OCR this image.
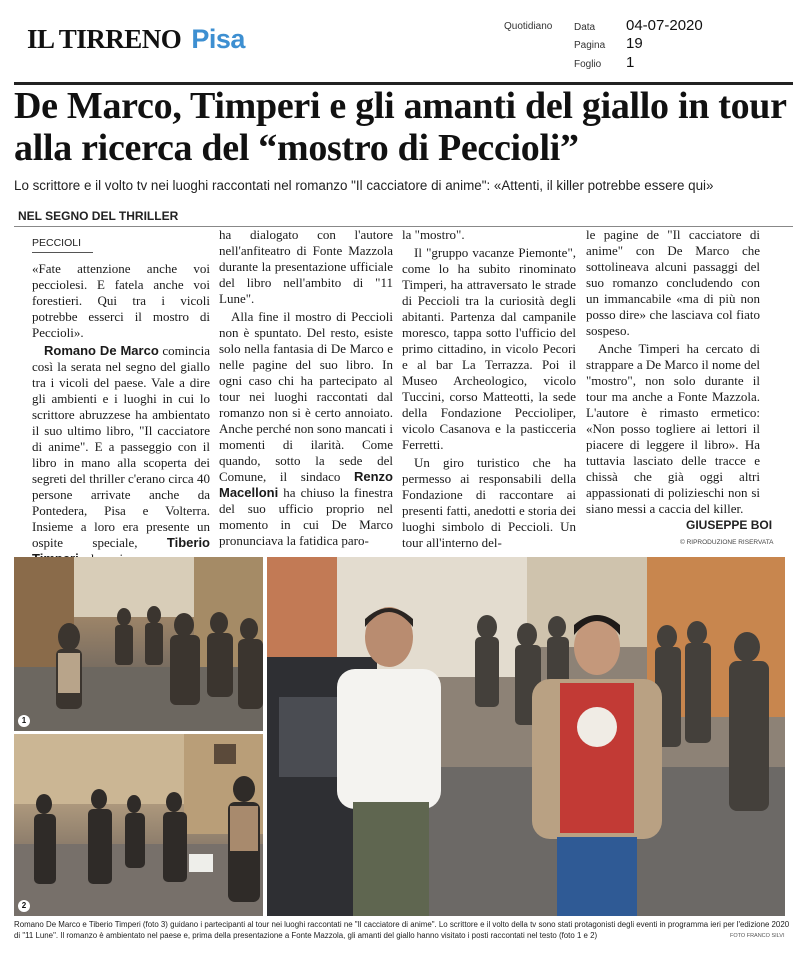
IL TIRRENO Pisa	Quotidiano Data 04-07-2020
Pagina 19
Foglio 1
De Marco, Timperi e gli amanti del giallo in tour alla ricerca del “mostro di Peccioli”
Lo scrittore e il volto tv nei luoghi raccontati nel romanzo "Il cacciatore di anime": «Attenti, il killer potrebbe essere qui»
NEL SEGNO DEL THRILLER
PECCIOLI

«Fate attenzione anche voi pecciolesi. E fatela anche voi forestieri. Qui tra i vicoli potrebbe esserci il mostro di Peccioli».

Romano De Marco comincia così la serata nel segno del giallo tra i vicoli del paese. Vale a dire gli ambienti e i luoghi in cui lo scrittore abruzzese ha ambientato il suo ultimo libro, "Il cacciatore di anime". E a passeggio con il libro in mano alla scoperta dei segreti del thriller c'erano circa 40 persone arrivate anche da Pontedera, Pisa e Volterra. Insieme a loro era presente un ospite speciale, Tiberio

ha dialogato con l'autore nell'anfiteatro di Fonte Mazzola durante la presentazione ufficiale del libro nell'ambito di "11 Lune".

Alla fine il mostro di Peccioli non è spuntato. Del resto, esiste solo nella fantasia di De Marco e nelle pagine del suo libro. In ogni caso chi ha partecipato al tour nei luoghi raccontati dal romanzo non si è certo annoiato. Anche perché non sono mancati i momenti di ilarità. Come quando, sotto la sede del Comune, il sindaco Renzo Macelloni ha chiuso la finestra del suo ufficio proprio nel momento in cui De Marco pronunciava la fatidica paro-

la "mostro".

Il "gruppo vacanze Piemonte", come lo ha subito rinominato Timperi, ha attraversato le strade di Peccioli tra la curiosità degli abitanti. Partenza dal campanile moresco, tappa sotto l'ufficio del primo cittadino, in vicolo Pecori e al bar La Terrazza. Poi il Museo Archeologico, vicolo Tuccini, corso Matteotti, la sede della Fondazione Peccioliper, vicolo Casanova e la pasticceria Ferretti.

Un giro turistico che ha permesso ai responsabili della Fondazione di raccontare ai presenti fatti, anedotti e storia dei luoghi simbolo di Peccioli. Un tour all'interno del-

le pagine de "Il cacciatore di anime" con De Marco che sottolineava alcuni passaggi del suo romanzo concludendo con un immancabile «ma di più non posso dire» che lasciava col fiato sospeso.

Anche Timperi ha cercato di strappare a De Marco il nome del "mostro", non solo durante il tour ma anche a Fonte Mazzola. L'autore è rimasto ermetico: «Non posso togliere ai lettori il piacere di leggere il libro». Ha tuttavia lasciato delle tracce e chissà che già oggi altri appassionati di polizieschi non si siano messi a caccia del killer.

GIUSEPPE BOI
© RIPRODUZIONE RISERVATA
1
2
Romano De Marco e Tiberio Timperi (foto 3) guidano i partecipanti al tour nei luoghi raccontati ne "Il cacciatore di anime". Lo scrittore e il volto della tv sono stati protagonisti degli eventi in programma ieri per l'edizione 2020 di "11 Lune". Il romanzo è ambientato nel paese e, prima della presentazione a Fonte Mazzola, gli amanti del giallo hanno visitato i posti raccontati nel testo (foto 1 e 2)	FOTO FRANCO SILVI
